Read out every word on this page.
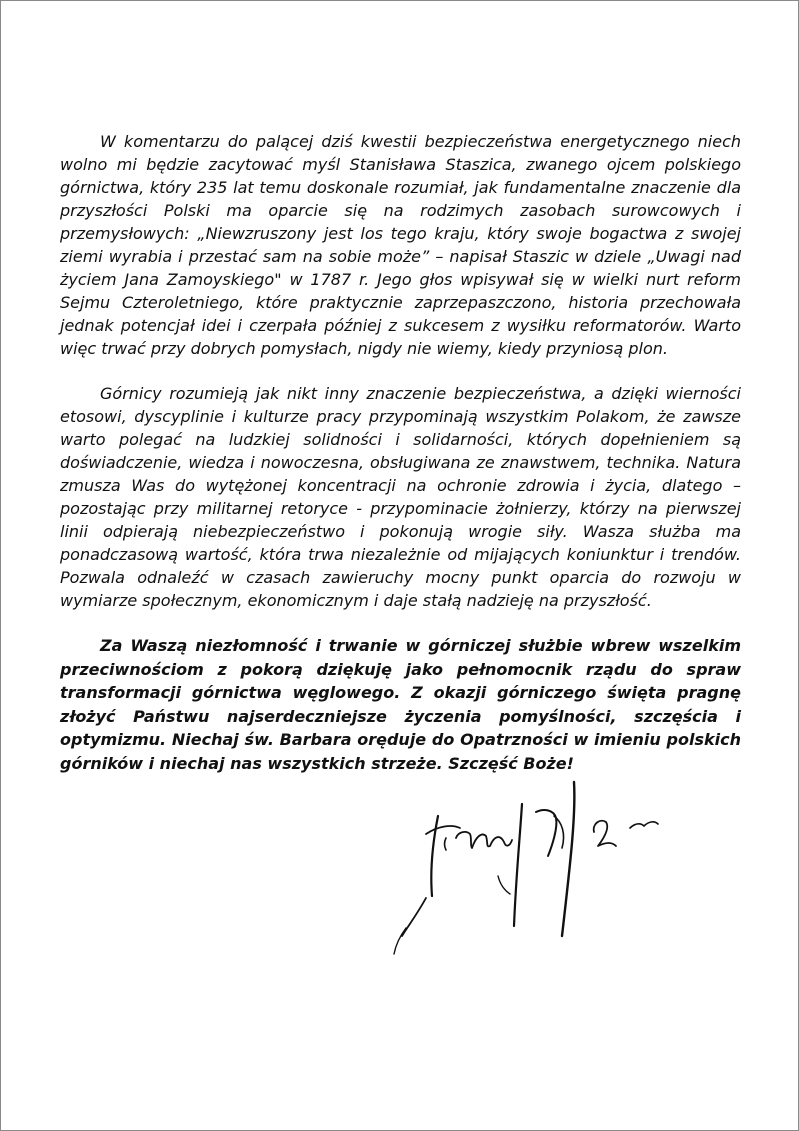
W komentarzu do palącej dziś kwestii bezpieczeństwa energetycznego niech wolno mi będzie zacytować myśl Stanisława Staszica, zwanego ojcem polskiego górnictwa, który 235 lat temu doskonale rozumiał, jak fundamentalne znaczenie dla przyszłości Polski ma oparcie się na rodzimych zasobach surowcowych i przemysłowych: „Niewzruszony jest los tego kraju, który swoje bogactwa z swojej ziemi wyrabia i przestać sam na sobie może” – napisał Staszic w dziele „Uwagi nad życiem Jana Zamoyskiego" w 1787 r. Jego głos wpisywał się w wielki nurt reform Sejmu Czteroletniego, które praktycznie zaprzepaszczono, historia przechowała jednak potencjał idei i czerpała później z sukcesem z wysiłku reformatorów. Warto więc trwać przy dobrych pomysłach, nigdy nie wiemy, kiedy przyniosą plon.

Górnicy rozumieją jak nikt inny znaczenie bezpieczeństwa, a dzięki wierności etosowi, dyscyplinie i kulturze pracy przypominają wszystkim Polakom, że zawsze warto polegać na ludzkiej solidności i solidarności, których dopełnieniem są doświadczenie, wiedza i nowoczesna, obsługiwana ze znawstwem, technika. Natura zmusza Was do wytężonej koncentracji na ochronie zdrowia i życia, dlatego – pozostając przy militarnej retoryce - przypominacie żołnierzy, którzy na pierwszej linii odpierają niebezpieczeństwo i pokonują wrogie siły. Wasza służba ma ponadczasową wartość, która trwa niezależnie od mijających koniunktur i trendów. Pozwala odnaleźć w czasach zawieruchy mocny punkt oparcia do rozwoju w wymiarze społecznym, ekonomicznym i daje stałą nadzieję na przyszłość.

Za Waszą niezłomność i trwanie w górniczej służbie wbrew wszelkim przeciwnościom z pokorą dziękuję jako pełnomocnik rządu do spraw transformacji górnictwa węglowego. Z okazji górniczego święta pragnę złożyć Państwu najserdeczniejsze życzenia pomyślności, szczęścia i optymizmu. Niechaj św. Barbara oręduje do Opatrzności w imieniu polskich górników i niechaj nas wszystkich strzeże. Szczęść Boże!
